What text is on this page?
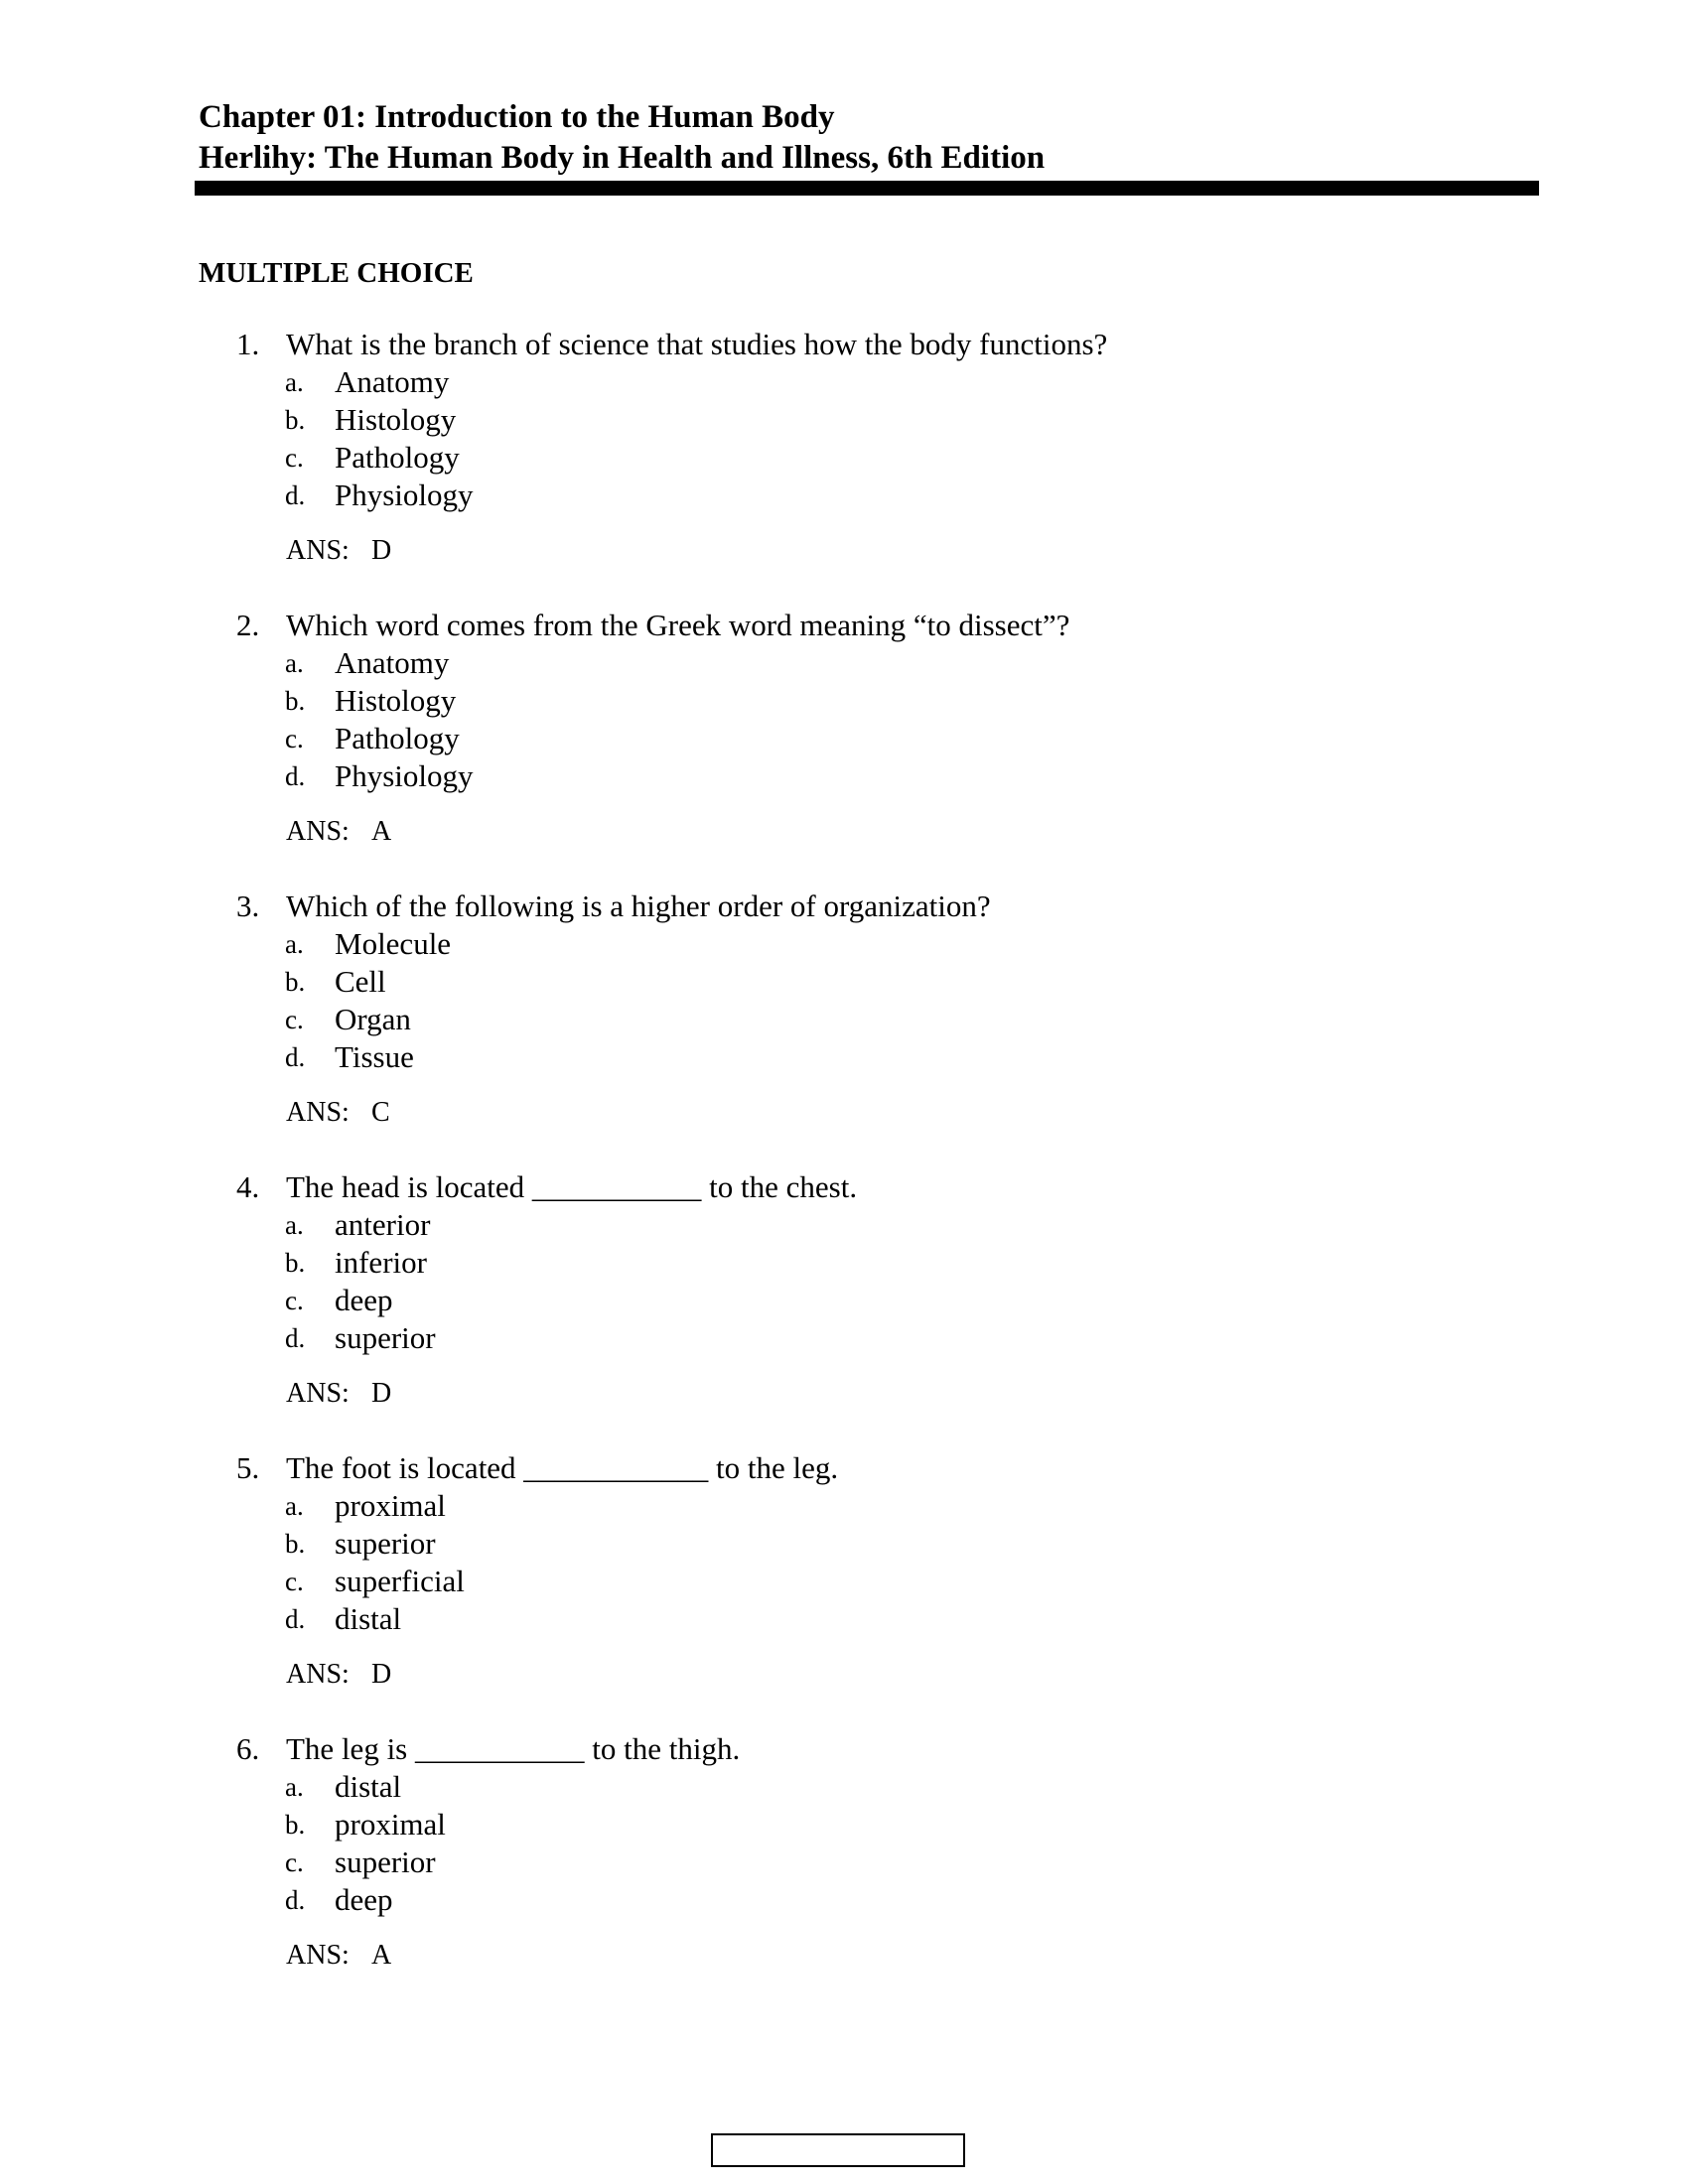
Chapter 01: Introduction to the Human Body
Herlihy: The Human Body in Health and Illness, 6th Edition
MULTIPLE CHOICE
1. What is the branch of science that studies how the body functions?
a. Anatomy
b. Histology
c. Pathology
d. Physiology
ANS: D
2. Which word comes from the Greek word meaning “to dissect”?
a. Anatomy
b. Histology
c. Pathology
d. Physiology
ANS: A
3. Which of the following is a higher order of organization?
a. Molecule
b. Cell
c. Organ
d. Tissue
ANS: C
4. The head is located ___________ to the chest.
a. anterior
b. inferior
c. deep
d. superior
ANS: D
5. The foot is located ____________ to the leg.
a. proximal
b. superior
c. superficial
d. distal
ANS: D
6. The leg is ___________ to the thigh.
a. distal
b. proximal
c. superior
d. deep
ANS: A
